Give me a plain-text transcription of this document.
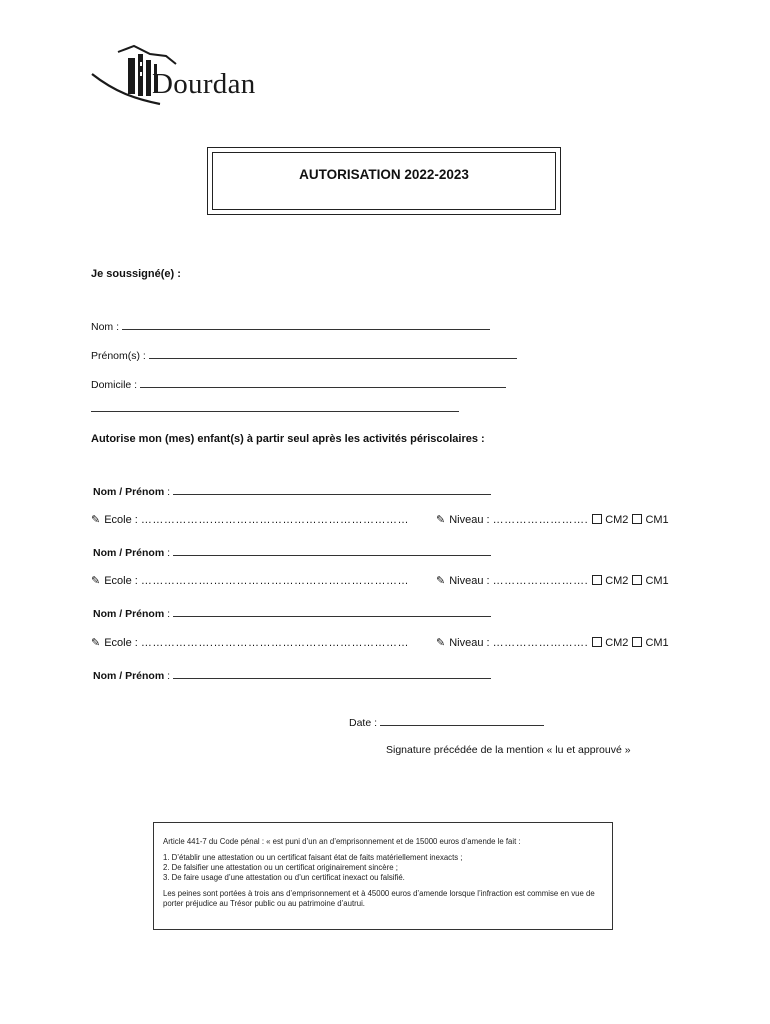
Dourdan
AUTORISATION 2022-2023
Je soussigné(e) :
Nom :
Prénom(s) :
Domicile :
Autorise mon (mes) enfant(s) à partir seul après les activités périscolaires :
Nom / Prénom :
✎ Ecole : ……………….…………………………………………… ✎ Niveau : ……………………. CM2 CM1
Nom / Prénom :
✎ Ecole : ……………….…………………………………………… ✎ Niveau : ……………………. CM2 CM1
Nom / Prénom :
✎ Ecole : ……………….…………………………………………… ✎ Niveau : ……………………. CM2 CM1
Nom / Prénom :
Date :
Signature précédée de la mention « lu et approuvé »

Article 441-7 du Code pénal : « est puni d’un an d’emprisonnement et de 15000 euros d’amende le fait :

1. D’établir une attestation ou un certificat faisant état de faits matériellement inexacts ;
2. De falsifier une attestation ou un certificat originairement sincère ;
3. De faire usage d’une attestation ou d’un certificat inexact ou falsifié.

Les peines sont portées à trois ans d’emprisonnement et à 45000 euros d’amende lorsque l’infraction est commise en vue de porter préjudice au Trésor public ou au patrimoine d’autrui.
